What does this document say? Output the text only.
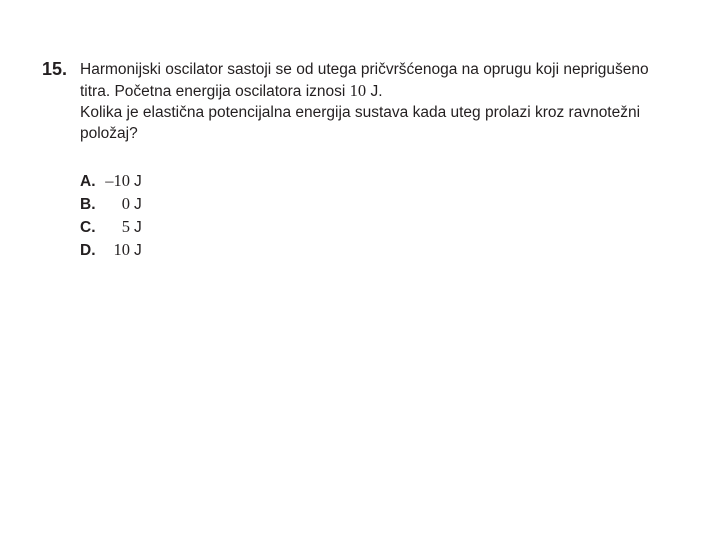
15. Harmonijski oscilator sastoji se od utega pričvršćenoga na oprugu koji neprigušeno

titra. Početna energija oscilatora iznosi 10 J.

Kolika je elastična potencijalna energija sustava kada uteg prolazi kroz ravnotežni

položaj?

A. –10 J
B.	0 J
C.	5 J
D.	10 J
